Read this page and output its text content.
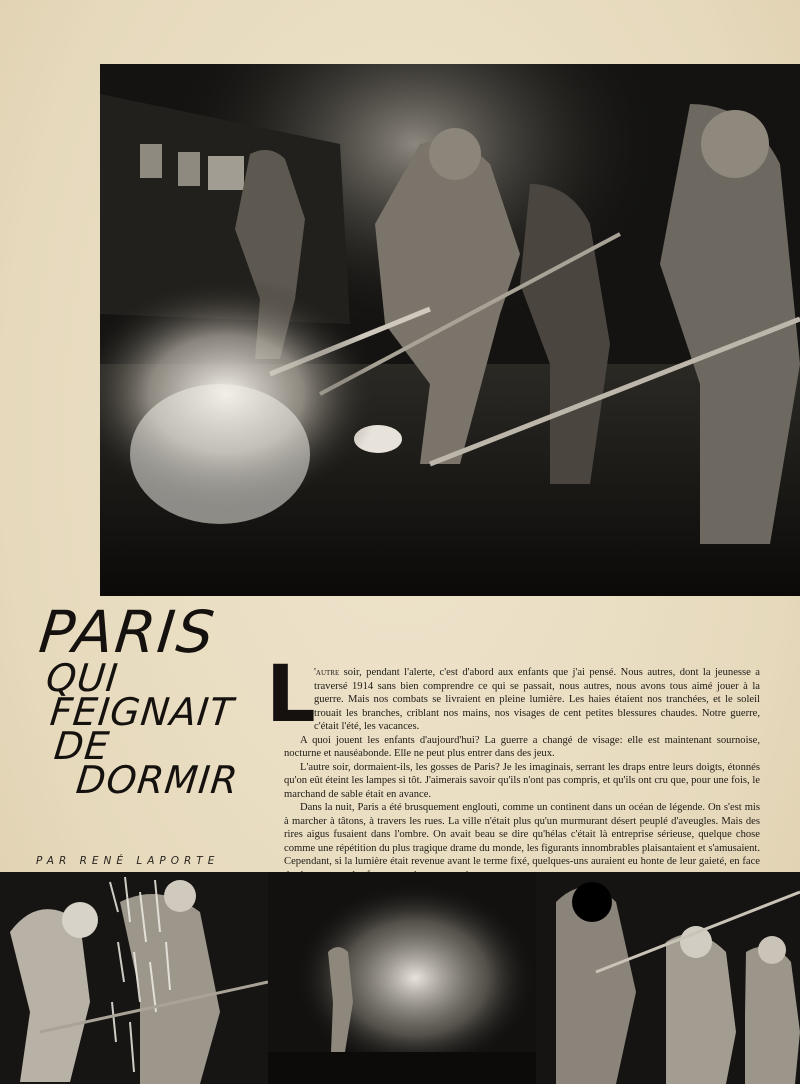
PARIS
QUI
FEIGNAIT
DE
DORMIR
PAR RENÉ LAPORTE
L

'autre soir, pendant l'alerte, c'est d'abord aux enfants que j'ai pensé. Nous autres, dont la jeunesse a traversé 1914 sans bien comprendre ce qui se passait, nous autres, nous avons tous aimé jouer à la guerre. Mais nos combats se livraient en pleine lumière. Les haies étaient nos tranchées, et le soleil trouait les branches, criblant nos mains, nos visages de cent petites blessures chaudes. Notre guerre, c'était l'été, les vacances.

A quoi jouent les enfants d'aujourd'hui? La guerre a changé de visage: elle est maintenant sournoise, nocturne et nauséabonde. Elle ne peut plus entrer dans des jeux.

L'autre soir, dormaient-ils, les gosses de Paris? Je les imaginais, serrant les draps entre leurs doigts, étonnés qu'on eût éteint les lampes si tôt. J'aimerais savoir qu'ils n'ont pas compris, et qu'ils ont cru que, pour une fois, le marchand de sable était en avance.

Dans la nuit, Paris a été brusquement englouti, comme un continent dans un océan de légende. On s'est mis à marcher à tâtons, à travers les rues. La ville n'était plus qu'un murmurant désert peuplé d'aveugles. Mais des rires aigus fusaient dans l'ombre. On avait beau se dire qu'hélas c'était là entreprise sérieuse, quelque chose comme une répétition du plus tragique drame du monde, les figurants innombrables plaisantaient et s'amusaient. Cependant, si la lumière était revenue avant le terme fixé, quelques-uns auraient eu honte de leur gaieté, en face
